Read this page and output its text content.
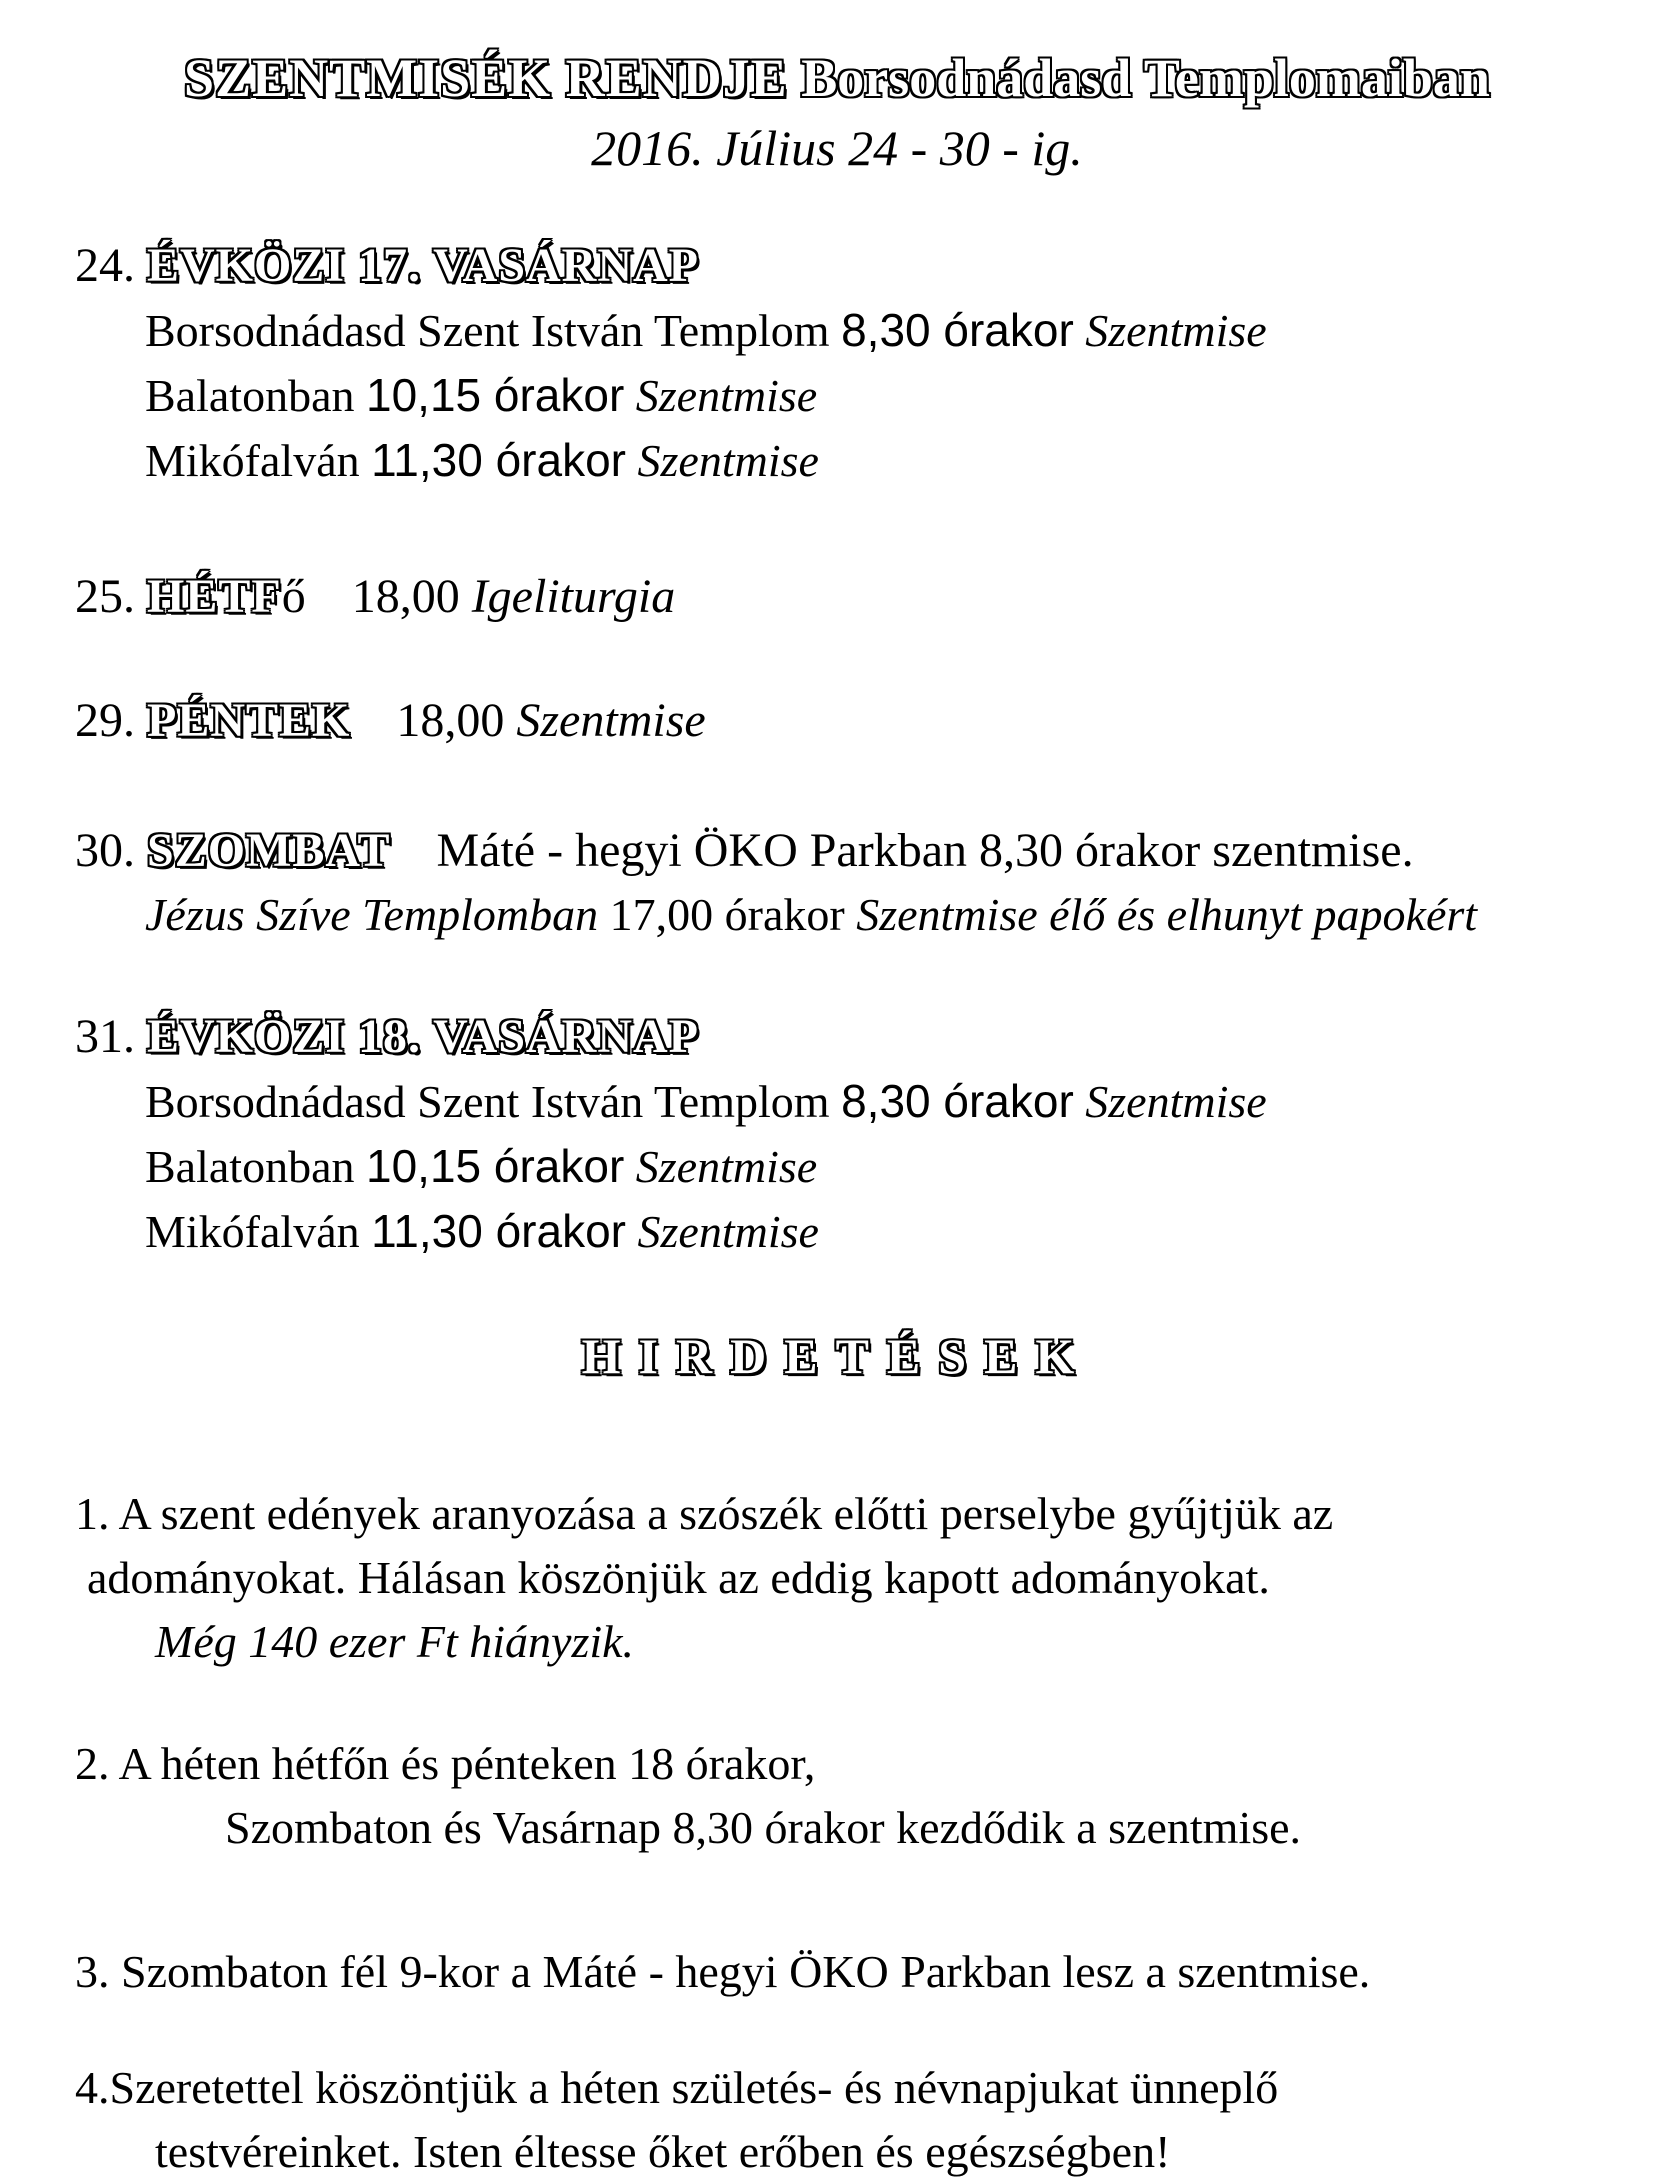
SZENTMISÉK RENDJE Borsodnádasd Templomaiban
2016. Július 24 - 30 - ig.
24. ÉVKÖZI 17. VASÁRNAP
Borsodnádasd Szent István Templom 8,30 órakor Szentmise
Balatonban 10,15 órakor Szentmise
Mikófalván 11,30 órakor Szentmise
25. HÉTFő 18,00 Igeliturgia
29. PÉNTEK 18,00 Szentmise
30. SZOMBAT Máté - hegyi ÖKO Parkban 8,30 órakor szentmise.
Jézus Szíve Templomban 17,00 órakor Szentmise élő és elhunyt papokért
31. ÉVKÖZI 18. VASÁRNAP
Borsodnádasd Szent István Templom 8,30 órakor Szentmise
Balatonban 10,15 órakor Szentmise
Mikófalván 11,30 órakor Szentmise
HIRDETÉSEK
1. A szent edények aranyozása a szószék előtti perselybe gyűjtjük az
adományokat. Hálásan köszönjük az eddig kapott adományokat.
Még 140 ezer Ft hiányzik.
2. A héten hétfőn és pénteken 18 órakor,
Szombaton és Vasárnap 8,30 órakor kezdődik a szentmise.
3. Szombaton fél 9-kor a Máté - hegyi ÖKO Parkban lesz a szentmise.
4.Szeretettel köszöntjük a héten születés- és névnapjukat ünneplő
testvéreinket. Isten éltesse őket erőben és egészségben!
